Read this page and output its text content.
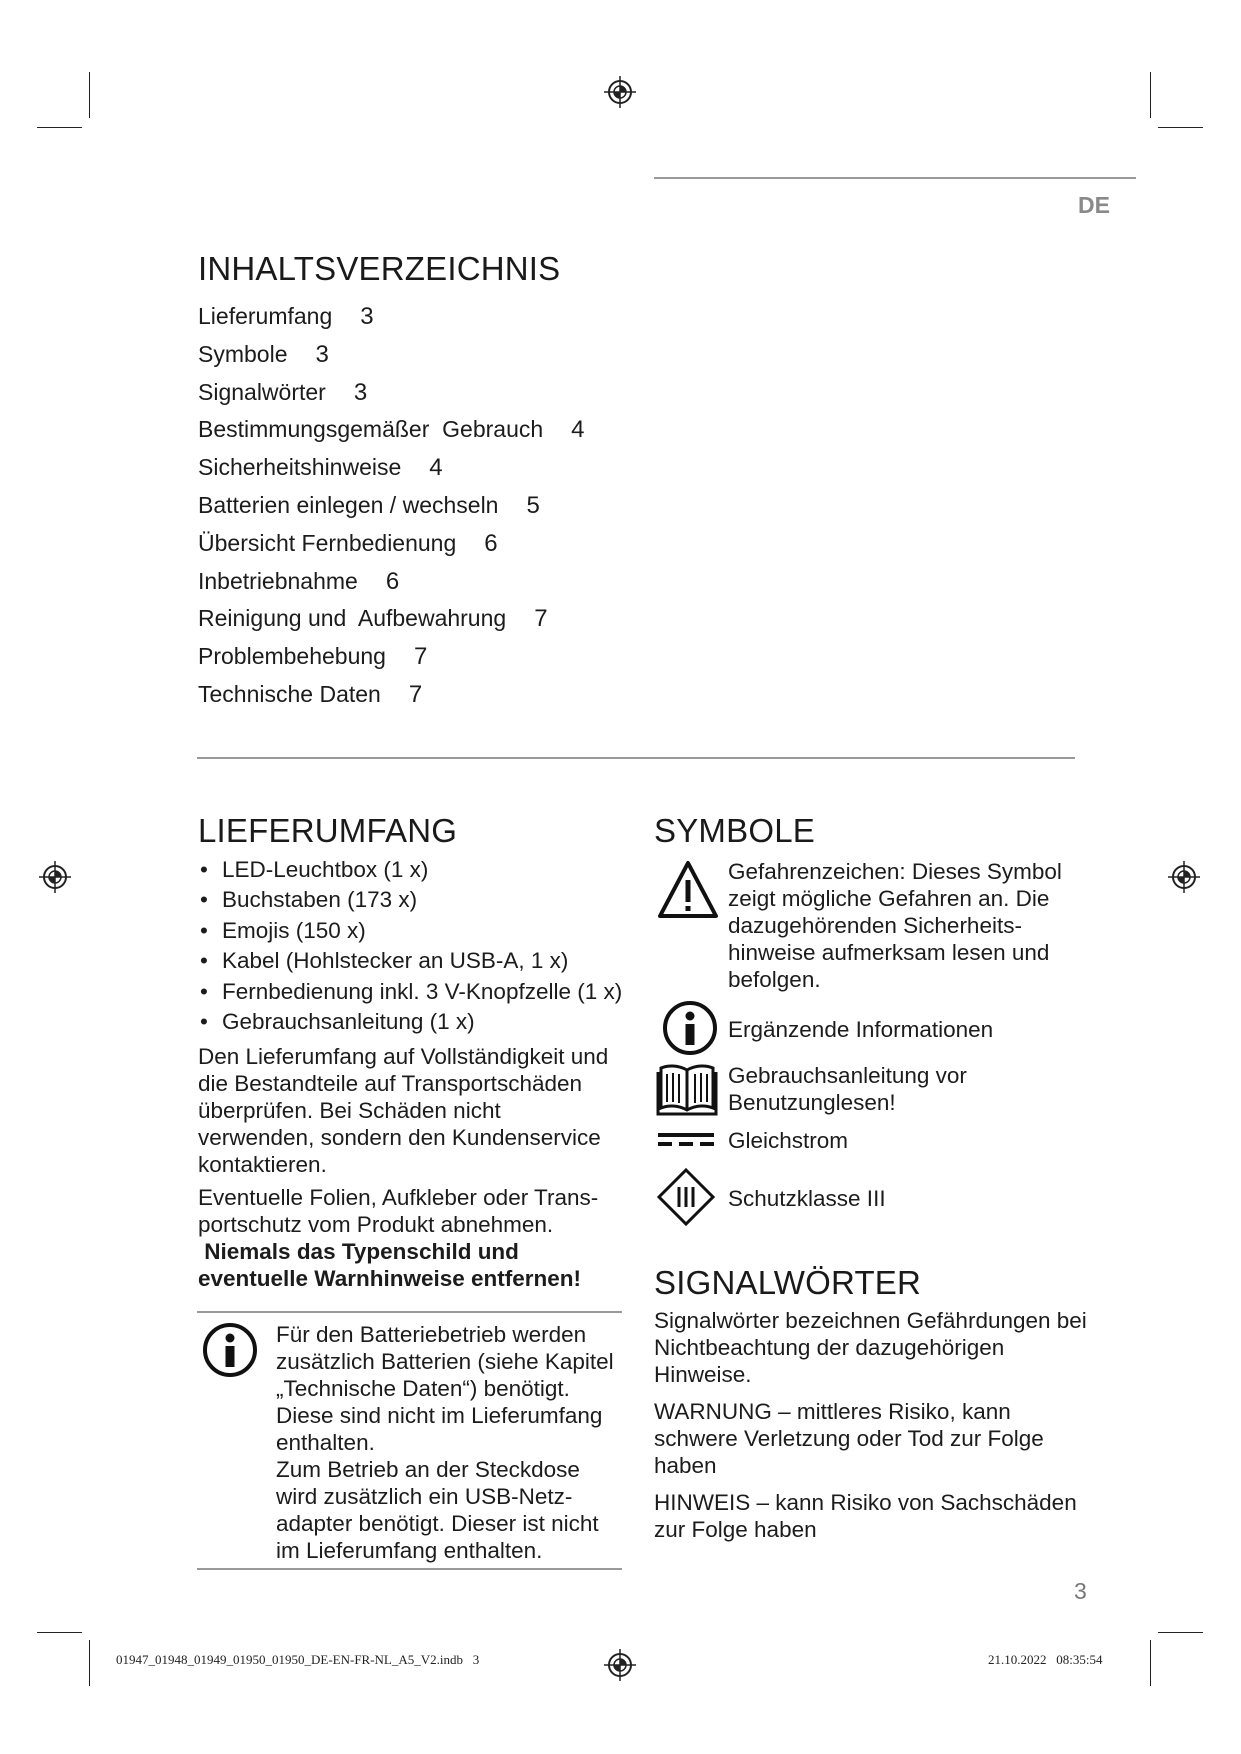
DE
INHALTSVERZEICHNIS
Lieferumfang 3
Symbole 3
Signalwörter 3
Bestimmungsgemäßer  Gebrauch 4
Sicherheitshinweise 4
Batterien einlegen / wechseln 5
Übersicht Fernbedienung 6
Inbetriebnahme 6
Reinigung und  Aufbewahrung 7
Problembehebung 7
Technische Daten 7
LIEFERUMFANG
• LED-Leuchtbox (1 x)
• Buchstaben (173 x)
• Emojis (150 x)
• Kabel (Hohlstecker an USB-A, 1 x)
• Fernbedienung inkl. 3 V-Knopfzelle (1 x)
• Gebrauchsanleitung (1 x)

Den Lieferumfang auf Vollständigkeit und die Bestandteile auf Transportschäden überprüfen. Bei Schäden nicht verwenden, sondern den Kundenservice kontaktieren.

Eventuelle Folien, Aufkleber oder Transportschutz vom Produkt abnehmen.

Niemals das Typenschild und eventuelle Warnhinweise entfernen!

Für den Batteriebetrieb werden zusätzlich Batterien (siehe Kapitel „Technische Daten“) benötigt. Diese sind nicht im Lieferumfang enthalten.

Zum Betrieb an der Steckdose wird zusätzlich ein USB-Netzadapter benötigt. Dieser ist nicht im Lieferumfang enthalten.

SYMBOLE
Gefahrenzeichen: Dieses Symbol zeigt mögliche Gefahren an. Die dazugehörenden Sicherheitshinweise aufmerksam lesen und befolgen.
Ergänzende Informationen
Gebrauchsanleitung vor Benutzunglesen!
Gleichstrom
Schutzklasse III
SIGNALWÖRTER

Signalwörter bezeichnen Gefährdungen bei Nichtbeachtung der dazugehörigen Hinweise.

WARNUNG – mittleres Risiko, kann schwere Verletzung oder Tod zur Folge haben

HINWEIS – kann Risiko von Sachschäden zur Folge haben

3
01947_01948_01949_01950_01950_DE-EN-FR-NL_A5_V2.indb   3	21.10.2022   08:35:54
